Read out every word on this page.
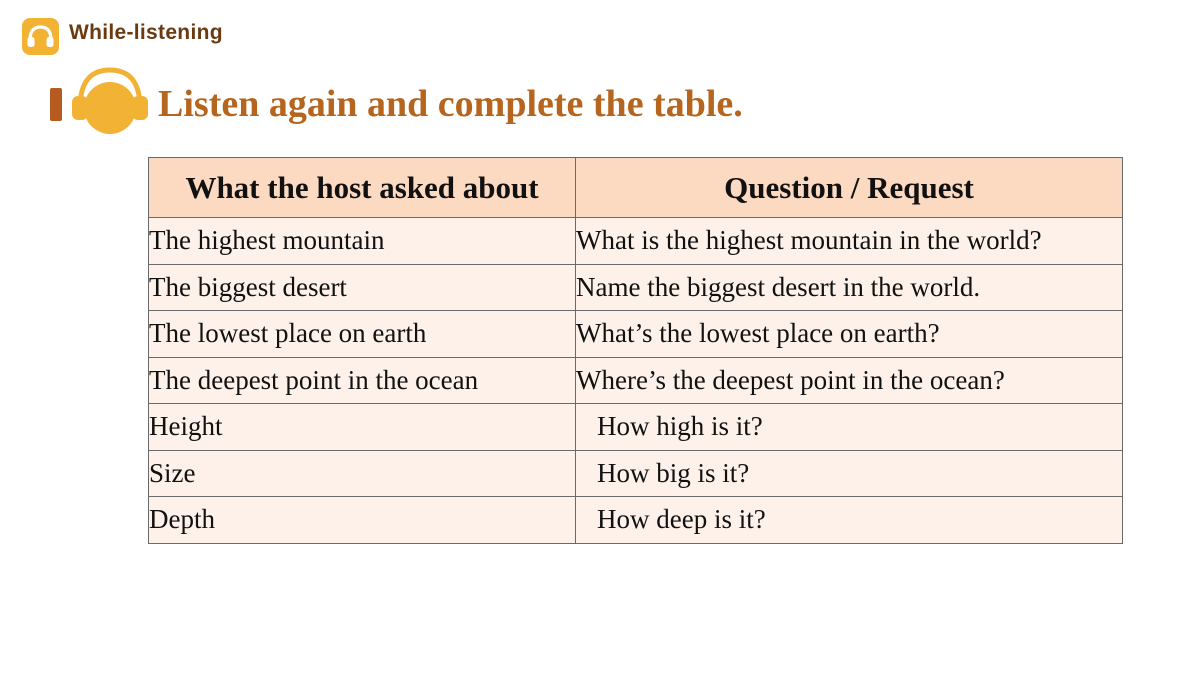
While-listening
Listen again and complete the table.
What the host asked about	Question / Request
The highest mountain	What is the highest mountain in the world?
The biggest desert	Name the biggest desert in the world.
The lowest place on earth	What’s the lowest place on earth?
The deepest point in the ocean	Where’s the deepest point in the ocean?
Height	How high is it?
Size	How big is it?
Depth	How deep is it?
